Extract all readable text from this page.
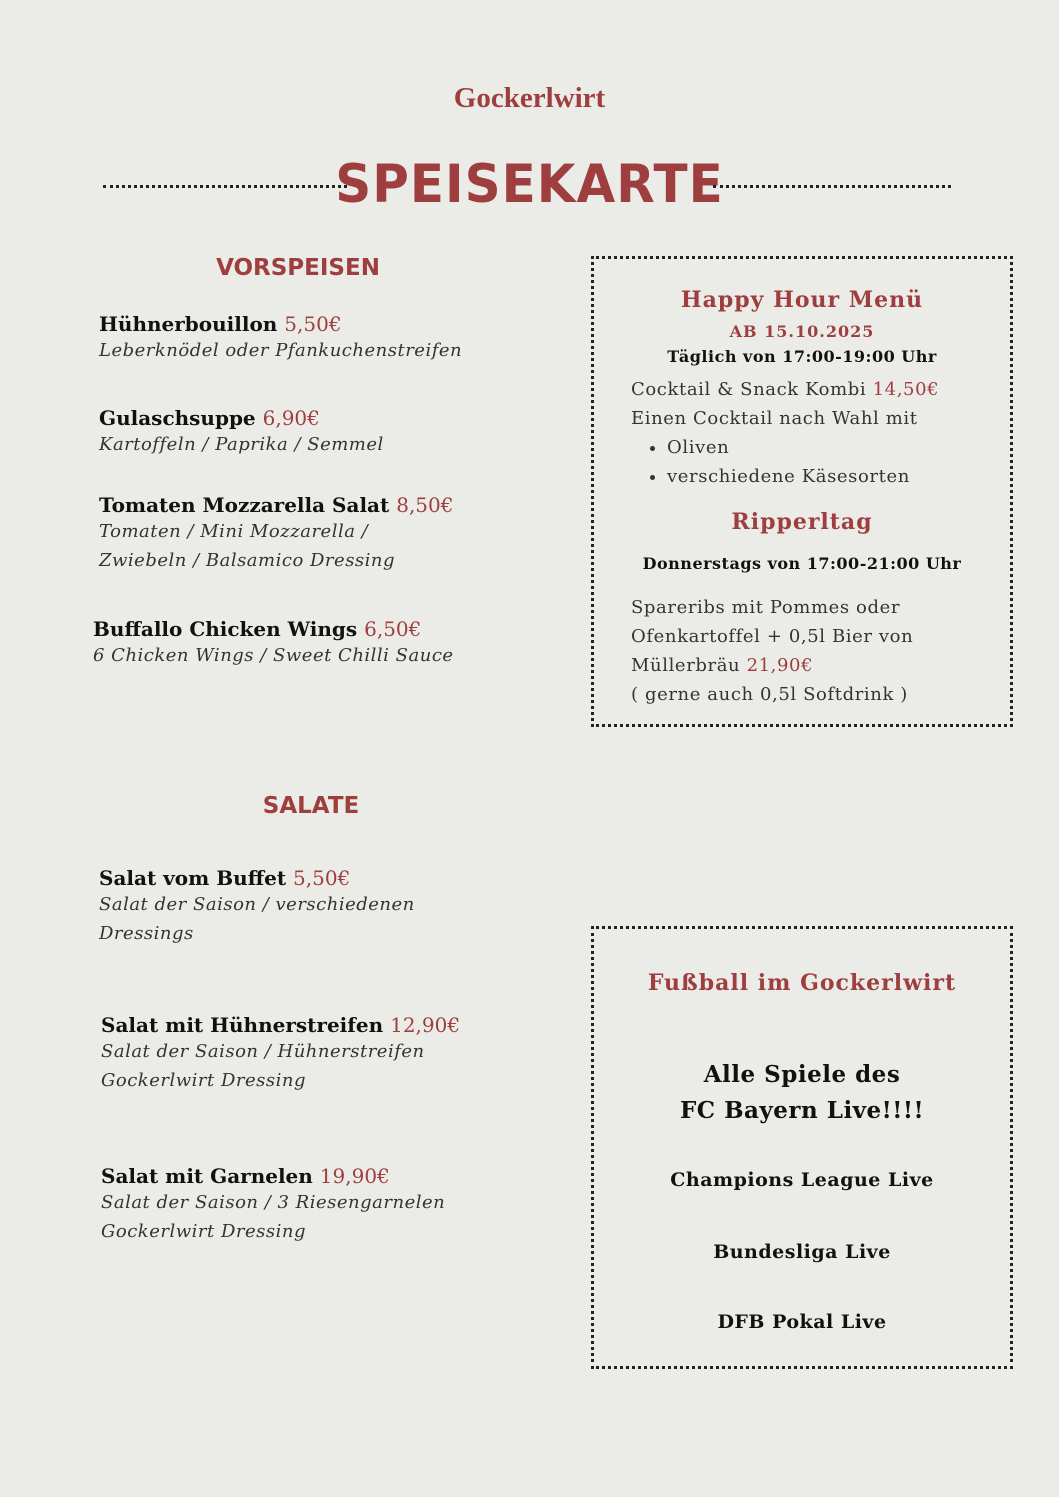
Gockerlwirt
SPEISEKARTE
VORSPEISEN
Hühnerbouillon 5,50€
Leberknödel oder Pfankuchenstreifen
Gulaschsuppe 6,90€
Kartoffeln / Paprika / Semmel
Tomaten Mozzarella Salat 8,50€
Tomaten / Mini Mozzarella /
Zwiebeln / Balsamico Dressing
Buffallo Chicken Wings 6,50€
6 Chicken Wings / Sweet Chilli Sauce
SALATE
Salat vom Buffet 5,50€
Salat der Saison / verschiedenen
Dressings
Salat mit Hühnerstreifen 12,90€
Salat der Saison / Hühnerstreifen
Gockerlwirt Dressing
Salat mit Garnelen 19,90€
Salat der Saison / 3 Riesengarnelen
Gockerlwirt Dressing
Happy Hour Menü
AB 15.10.2025
Täglich von 17:00-19:00 Uhr
Cocktail & Snack Kombi 14,50€
Einen Cocktail nach Wahl mit
• Oliven
• verschiedene Käsesorten
Ripperltag
Donnerstags von 17:00-21:00 Uhr
Spareribs mit Pommes oder
Ofenkartoffel + 0,5l Bier von
Müllerbräu 21,90€
( gerne auch 0,5l Softdrink )
Fußball im Gockerlwirt
Alle Spiele des
FC Bayern Live!!!!
Champions League Live
Bundesliga Live
DFB Pokal Live
